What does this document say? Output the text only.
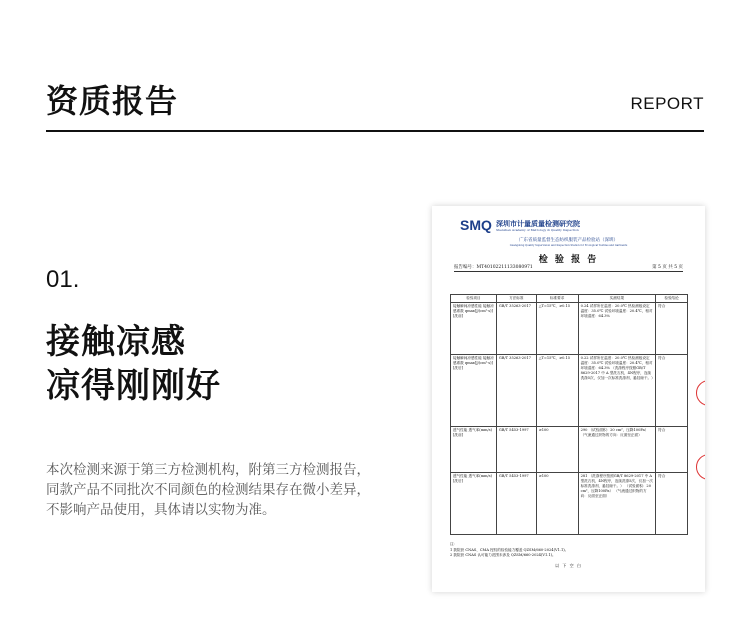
资质报告	REPORT
01.
接触凉感
凉得刚刚好
本次检测来源于第三方检测机构，附第三方检测报告，
同款产品不同批次不同颜色的检测结果存在微小差异，
不影响产品使用，具体请以实物为准。
SMQ 深圳市计量质量检测研究院
Shenzhen Academy of Metrology & Quality Inspection
广东省质量监督生态纺织服装产品检验站（深圳）
Guangdong Quality Supervision and Inspection Station for Ecological Textiles and Garments
检 验 报 告
报告编号：MT40102211133080971	第 5 页 共 5 页
检验项目	方法标准	标准要求	实测结果	检验结论
接触瞬间凉感性能 接触凉感系数 qmax[J/(cm²·s)] [洗前]	GB/T 35263-2017	△T=15℃，≥0.15	0.24 试样所在温度：20.0℃ 热检测板设定温度：35.0℃ 试验环境温度：20.4℃，相对环境湿度：64.3%	符合
接触瞬间凉感性能 接触凉感系数 qmax[J/(cm²·s)] [洗后]	GB/T 35263-2017	△T=15℃，≥0.15	0.22 试样所在温度：20.0℃ 热检测板设定温度：35.0℃ 试验环境温度：20.4℃，相对环境湿度：64.3% （洗涤程序按照GB/T 8629-2017 中 A 型洗衣机，4N程序，连续洗涤5次，仅加一次标准洗涤剂，悬挂晾干。）	符合
透气性能 透气率(mm/s) [洗前]	GB/T 5453-1997	≥100	290 （试验面积：20 cm²，压降100Pa） （气流通过织物的方向：反面至正面）	符合
透气性能 透气率(mm/s) [洗后]	GB/T 5453-1997	≥100	281 （洗涤程序按照GB/T 8629-2017 中 A 型洗衣机，4N程序，连续洗涤5次，仅加一次标准洗涤剂，悬挂晾干。） （试验面积：20 cm²，压降100Pa） （气流通过织物的方向：反面至正面）	符合
注：
1 我院获 CNAS、CMA 授权的检验能力覆盖 QZSM/660-2024(V1.1)。
2 我院获 CNAS 认可能力范围未涉及 QZSM/660-2024(V1.1)。
以 下 空 白
